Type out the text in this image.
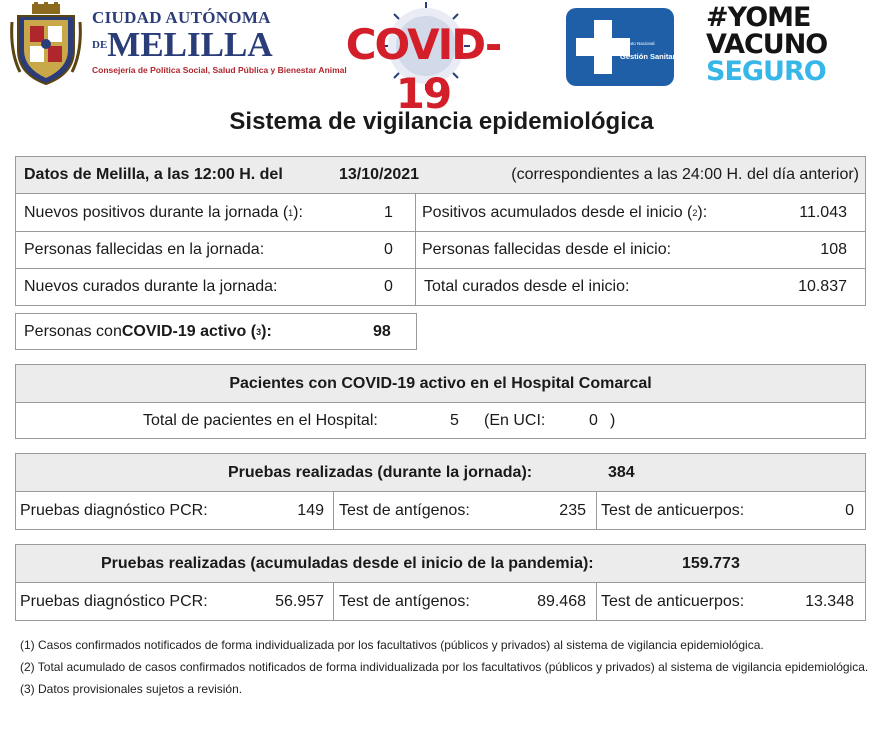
CIUDAD AUTÓNOMA
$^{DE}$MELILLA
Consejería de Política Social, Salud Pública y Bienestar Animal
COVID-19
Instituto Nacional de
Gestión Sanitaria
#YOME
VACUNO
SEGURO
Sistema de vigilancia epidemiológica
Datos de Melilla, a las 12:00 H. del	13/10/2021	(correspondientes a las 24:00 H. del día anterior)
Nuevos positivos durante la jornada ( 1 ):	1 Positivos acumulados desde el inicio ( 2 ):	11.043
Personas fallecidas en la jornada:	0 Personas fallecidas desde el inicio:	108
Nuevos curados durante la jornada:	0 Total curados desde el inicio:	10.837
Personas con COVID-19 activo ( 3 ):	98
Pacientes con COVID-19 activo en el Hospital Comarcal
Total de pacientes en el Hospital:	5 (En UCI:	0 )
Pruebas realizadas (durante la jornada):	384
Pruebas diagnóstico PCR:	149 Test de antígenos:	235 Test de anticuerpos:	0
Pruebas realizadas (acumuladas desde el inicio de la pandemia):	159.773
Pruebas diagnóstico PCR:	56.957 Test de antígenos:	89.468 Test de anticuerpos:	13.348

(1) Casos confirmados notificados de forma individualizada por los facultativos (públicos y privados) al sistema de vigilancia epidemiológica.

(2) Total acumulado de casos confirmados notificados de forma individualizada por los facultativos (públicos y privados) al sistema de vigilancia epidemiológica.

(3) Datos provisionales sujetos a revisión.
